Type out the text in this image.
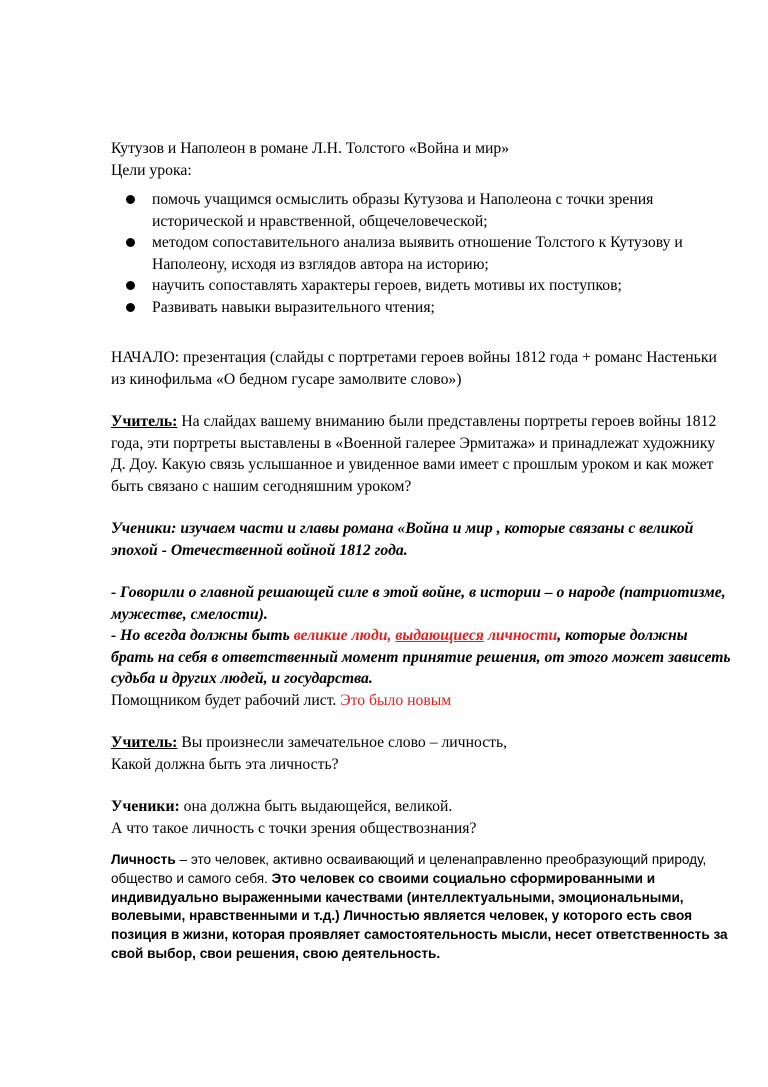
Кутузов и Наполеон в романе Л.Н. Толстого «Война и мир»

Цели урока:

помочь учащимся осмыслить образы Кутузова и Наполеона с точки зрения исторической и нравственной, общечеловеческой;
методом сопоставительного анализа выявить отношение Толстого к Кутузову и Наполеону, исходя из взглядов автора на историю;
научить сопоставлять характеры героев, видеть мотивы их поступков;
Развивать навыки выразительного чтения;

НАЧАЛО: презентация (слайды с портретами героев войны 1812 года + романс Настеньки из кинофильма «О бедном гусаре замолвите слово»)

Учитель: На слайдах вашему вниманию были представлены портреты героев войны 1812 года, эти портреты выставлены в «Военной галерее Эрмитажа» и принадлежат художнику Д. Доу. Какую связь услышанное и увиденное вами имеет с прошлым уроком и как может быть связано с нашим сегодняшним уроком?

Ученики: изучаем части и главы романа «Война и мир , которые связаны с великой эпохой - Отечественной войной 1812 года.

- Говорили о главной решающей силе в этой войне, в истории – о народе (патриотизме, мужестве, смелости).

- Но всегда должны быть великие люди, выдающиеся личности, которые должны брать на себя в ответственный момент принятие решения, от этого может зависеть судьба и других людей, и государства.

Помощником будет рабочий лист. Это было новым

Учитель: Вы произнесли замечательное слово – личность,

Какой должна быть эта личность?

Ученики: она должна быть выдающейся, великой.

А что такое личность с точки зрения обществознания?

Личность – это человек, активно осваивающий и целенаправленно преобразующий природу, общество и самого себя. Это человек со своими социально сформированными и индивидуально выраженными качествами (интеллектуальными, эмоциональными, волевыми, нравственными и т.д.) Личностью является человек, у которого есть своя позиция в жизни, которая проявляет самостоятельность мысли, несет ответственность за свой выбор, свои решения, свою деятельность.
